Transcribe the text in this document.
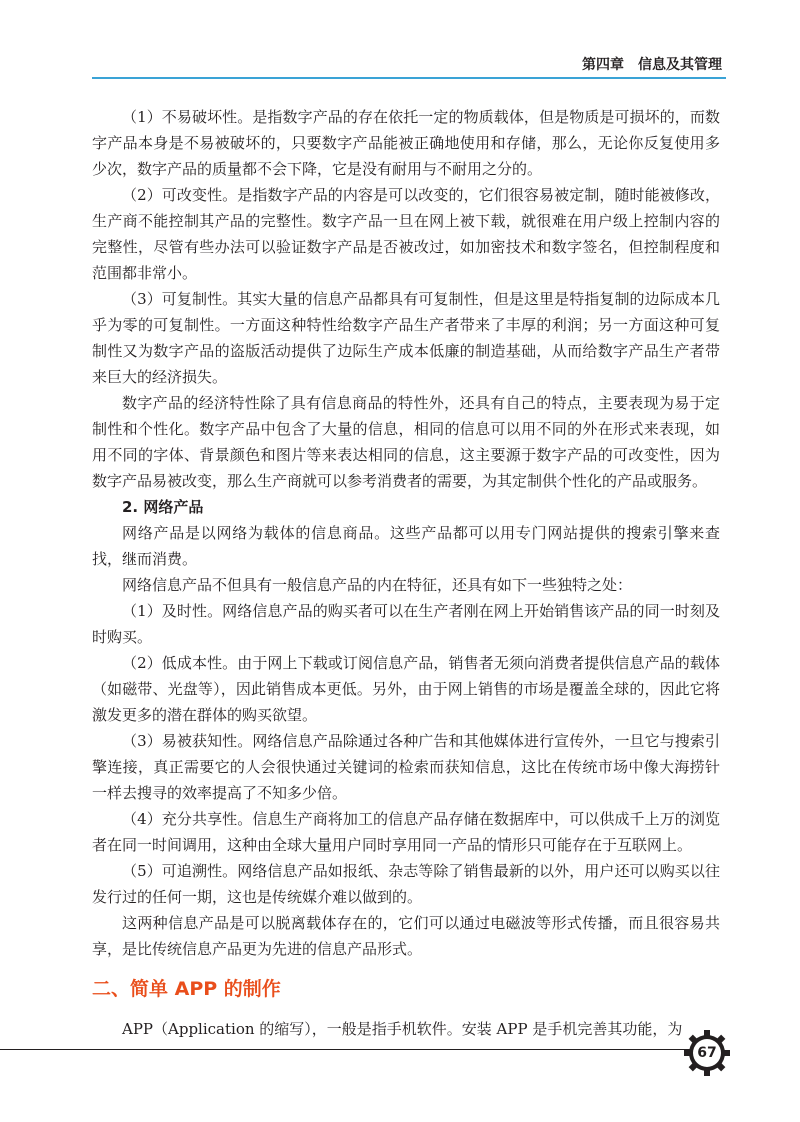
第四章　信息及其管理

（1）不易破坏性。是指数字产品的存在依托一定的物质载体，但是物质是可损坏的，而数字产品本身是不易被破坏的，只要数字产品能被正确地使用和存储，那么，无论你反复使用多少次，数字产品的质量都不会下降，它是没有耐用与不耐用之分的。

（2）可改变性。是指数字产品的内容是可以改变的，它们很容易被定制，随时能被修改，生产商不能控制其产品的完整性。数字产品一旦在网上被下载，就很难在用户级上控制内容的完整性，尽管有些办法可以验证数字产品是否被改过，如加密技术和数字签名，但控制程度和范围都非常小。

（3）可复制性。其实大量的信息产品都具有可复制性，但是这里是特指复制的边际成本几乎为零的可复制性。一方面这种特性给数字产品生产者带来了丰厚的利润；另一方面这种可复制性又为数字产品的盗版活动提供了边际生产成本低廉的制造基础，从而给数字产品生产者带来巨大的经济损失。

数字产品的经济特性除了具有信息商品的特性外，还具有自己的特点，主要表现为易于定制性和个性化。数字产品中包含了大量的信息，相同的信息可以用不同的外在形式来表现，如用不同的字体、背景颜色和图片等来表达相同的信息，这主要源于数字产品的可改变性，因为数字产品易被改变，那么生产商就可以参考消费者的需要，为其定制供个性化的产品或服务。

2. 网络产品

网络产品是以网络为载体的信息商品。这些产品都可以用专门网站提供的搜索引擎来查找，继而消费。

网络信息产品不但具有一般信息产品的内在特征，还具有如下一些独特之处：

（1）及时性。网络信息产品的购买者可以在生产者刚在网上开始销售该产品的同一时刻及时购买。

（2）低成本性。由于网上下载或订阅信息产品，销售者无须向消费者提供信息产品的载体（如磁带、光盘等），因此销售成本更低。另外，由于网上销售的市场是覆盖全球的，因此它将激发更多的潜在群体的购买欲望。

（3）易被获知性。网络信息产品除通过各种广告和其他媒体进行宣传外，一旦它与搜索引擎连接，真正需要它的人会很快通过关键词的检索而获知信息，这比在传统市场中像大海捞针一样去搜寻的效率提高了不知多少倍。

（4）充分共享性。信息生产商将加工的信息产品存储在数据库中，可以供成千上万的浏览者在同一时间调用，这种由全球大量用户同时享用同一产品的情形只可能存在于互联网上。

（5）可追溯性。网络信息产品如报纸、杂志等除了销售最新的以外，用户还可以购买以往发行过的任何一期，这也是传统媒介难以做到的。

这两种信息产品是可以脱离载体存在的，它们可以通过电磁波等形式传播，而且很容易共享，是比传统信息产品更为先进的信息产品形式。

二、简单 APP 的制作

APP（Application 的缩写），一般是指手机软件。安装 APP 是手机完善其功能，为

67
